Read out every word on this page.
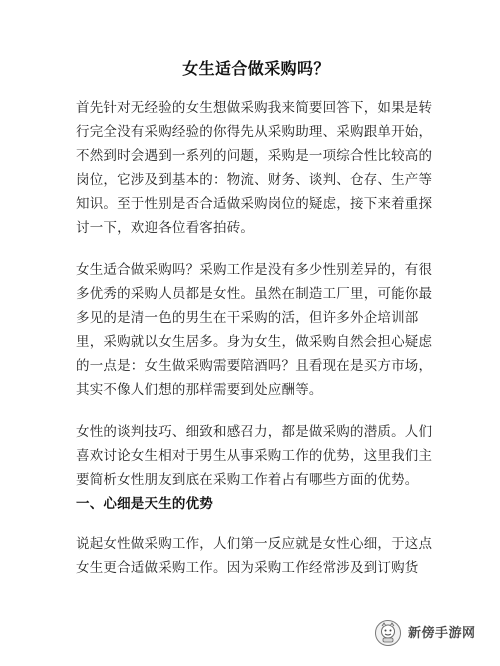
女生适合做采购吗？

首先针对无经验的女生想做采购我来简要回答下，如果是转
行完全没有采购经验的你得先从采购助理、采购跟单开始，
不然到时会遇到一系列的问题，采购是一项综合性比较高的
岗位，它涉及到基本的：物流、财务、谈判、仓存、生产等
知识。至于性别是否合适做采购岗位的疑虑，接下来着重探
讨一下，欢迎各位看客拍砖。

女生适合做采购吗？采购工作是没有多少性别差异的，有很
多优秀的采购人员都是女性。虽然在制造工厂里，可能你最
多见的是清一色的男生在干采购的活，但许多外企培训部
里，采购就以女生居多。身为女生，做采购自然会担心疑虑
的一点是：女生做采购需要陪酒吗？且看现在是买方市场，
其实不像人们想的那样需要到处应酬等。

女性的谈判技巧、细致和感召力，都是做采购的潜质。人们
喜欢讨论女生相对于男生从事采购工作的优势，这里我们主
要简析女性朋友到底在采购工作着占有哪些方面的优势。

一、心细是天生的优势

说起女性做采购工作，人们第一反应就是女性心细，于这点
女生更合适做采购工作。因为采购工作经常涉及到订购货

新傍手游网
